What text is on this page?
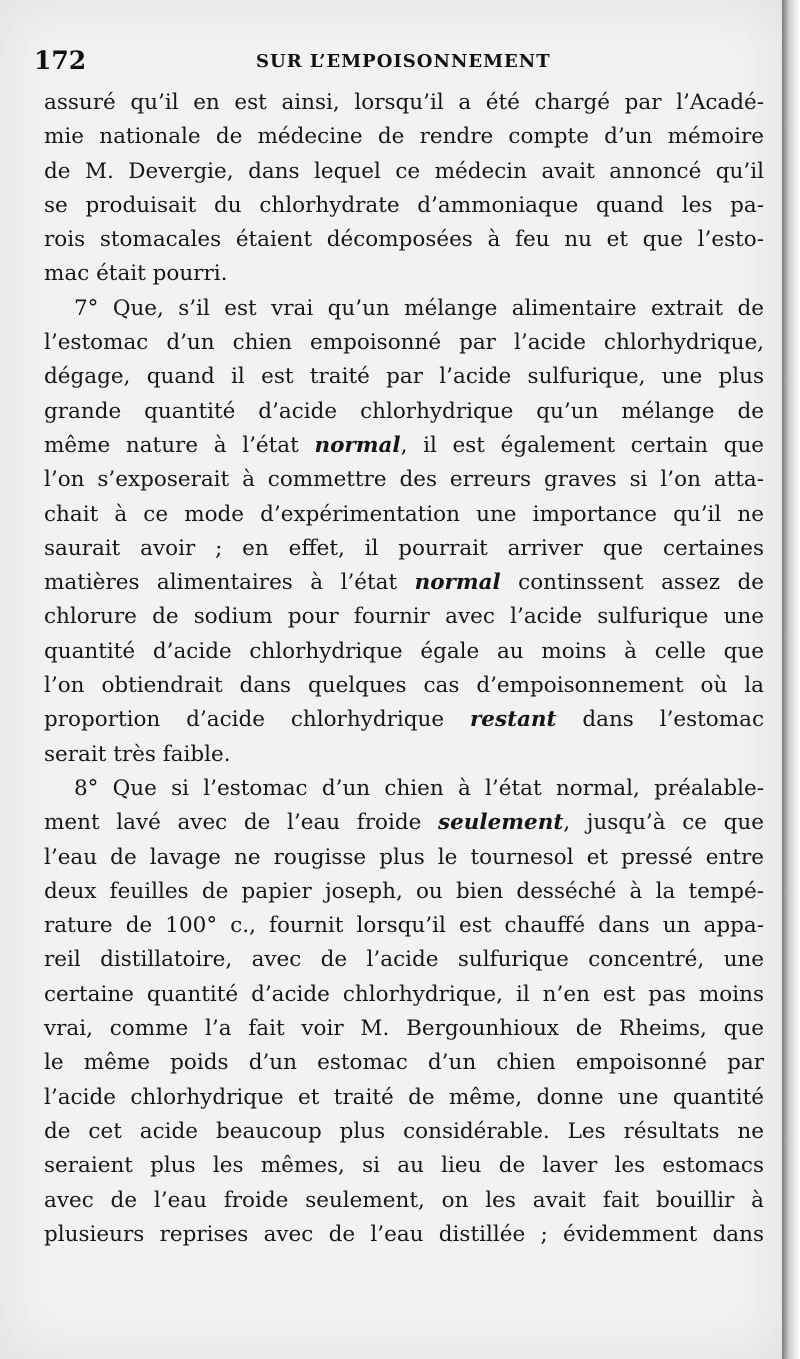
172	SUR L’EMPOISONNEMENT

assuré qu’il en est ainsi, lorsqu’il a été chargé par l’Acadé-
mie nationale de médecine de rendre compte d’un mémoire
de M. Devergie, dans lequel ce médecin avait annoncé qu’il
se produisait du chlorhydrate d’ammoniaque quand les pa-
rois stomacales étaient décomposées à feu nu et que l’esto-
mac était pourri.

7° Que, s’il est vrai qu’un mélange alimentaire extrait de
l’estomac d’un chien empoisonné par l’acide chlorhydrique,
dégage, quand il est traité par l’acide sulfurique, une plus
grande quantité d’acide chlorhydrique qu’un mélange de
même nature à l’état normal, il est également certain que
l’on s’exposerait à commettre des erreurs graves si l’on atta-
chait à ce mode d’expérimentation une importance qu’il ne
saurait avoir ; en effet, il pourrait arriver que certaines
matières alimentaires à l’état normal continssent assez de
chlorure de sodium pour fournir avec l’acide sulfurique une
quantité d’acide chlorhydrique égale au moins à celle que
l’on obtiendrait dans quelques cas d’empoisonnement où la
proportion d’acide chlorhydrique restant dans l’estomac
serait très faible.

8° Que si l’estomac d’un chien à l’état normal, préalable-
ment lavé avec de l’eau froide seulement, jusqu’à ce que
l’eau de lavage ne rougisse plus le tournesol et pressé entre
deux feuilles de papier joseph, ou bien desséché à la tempé-
rature de 100° c., fournit lorsqu’il est chauffé dans un appa-
reil distillatoire, avec de l’acide sulfurique concentré, une
certaine quantité d’acide chlorhydrique, il n’en est pas moins
vrai, comme l’a fait voir M. Bergounhioux de Rheims, que
le même poids d’un estomac d’un chien empoisonné par
l’acide chlorhydrique et traité de même, donne une quantité
de cet acide beaucoup plus considérable. Les résultats ne
seraient plus les mêmes, si au lieu de laver les estomacs
avec de l’eau froide seulement, on les avait fait bouillir à
plusieurs reprises avec de l’eau distillée ; évidemment dans
